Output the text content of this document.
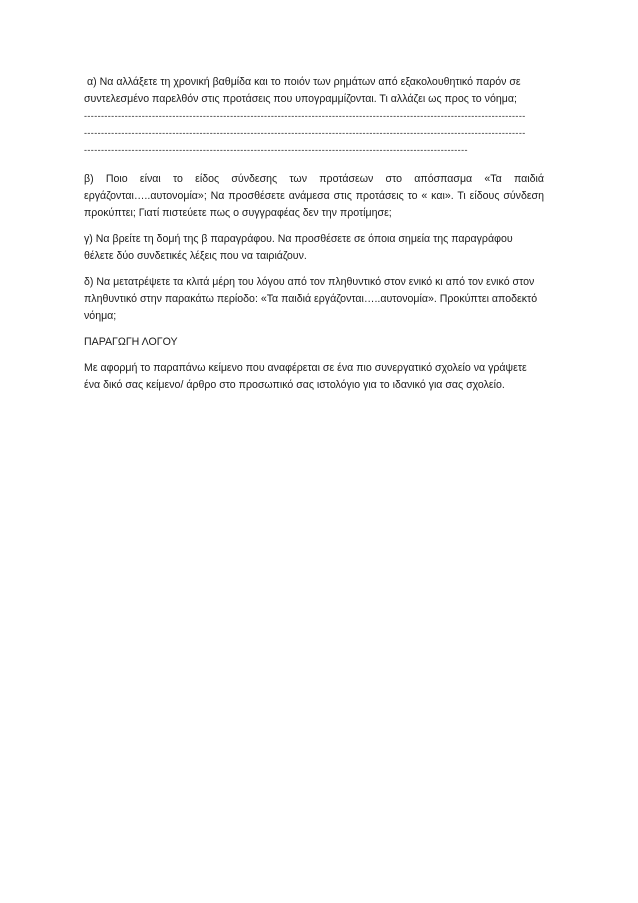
α) Να αλλάξετε τη χρονική βαθμίδα και το ποιόν των ρημάτων από εξακολουθητικό παρόν σε συντελεσμένο παρελθόν στις προτάσεις που υπογραμμίζονται. Τι αλλάζει ως προς το νόημα;

----------------------------------------------------------------------------------------------------------------------------------
----------------------------------------------------------------------------------------------------------------------------------
-----------------------------------------------------------------------------------------------------------------

β) Ποιο είναι το είδος σύνδεσης των προτάσεων στο απόσπασμα «Τα παιδιά εργάζονται…..αυτονομία»; Να προσθέσετε ανάμεσα στις προτάσεις το « και». Τι είδους σύνδεση προκύπτει; Γιατί πιστεύετε πως ο συγγραφέας δεν την προτίμησε;

γ) Να βρείτε τη δομή της β παραγράφου. Να προσθέσετε σε όποια σημεία της παραγράφου θέλετε δύο συνδετικές λέξεις που να ταιριάζουν.

δ) Να μετατρέψετε τα κλιτά μέρη του λόγου από τον πληθυντικό στον ενικό κι από τον ενικό στον πληθυντικό στην παρακάτω περίοδο: «Τα παιδιά εργάζονται…..αυτονομία». Προκύπτει αποδεκτό νόημα;

ΠΑΡΑΓΩΓΗ ΛΟΓΟΥ

Με αφορμή το παραπάνω κείμενο που αναφέρεται σε ένα πιο συνεργατικό σχολείο να γράψετε ένα δικό σας κείμενο/ άρθρο στο προσωπικό σας ιστολόγιο για το ιδανικό για σας σχολείο.
